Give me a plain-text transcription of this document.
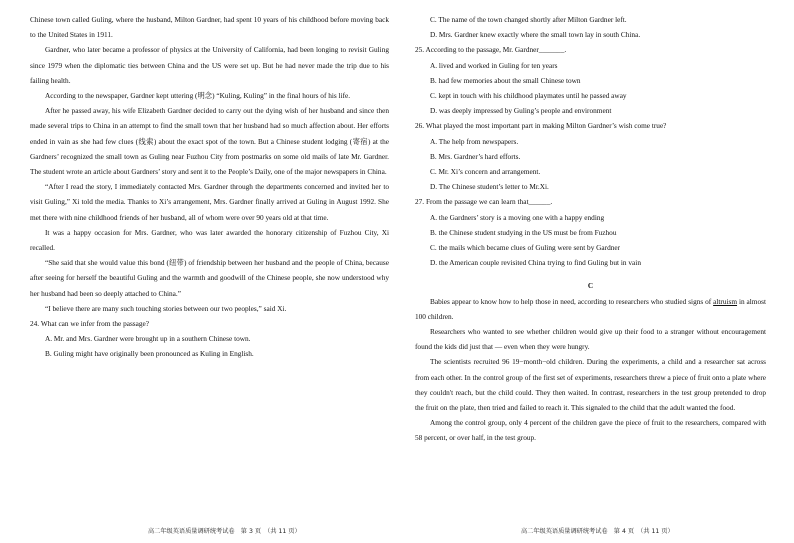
Chinese town called Guling, where the husband, Milton Gardner, had spent 10 years of his childhood before moving back to the United States in 1911.

Gardner, who later became a professor of physics at the University of California, had been longing to revisit Guling since 1979 when the diplomatic ties between China and the US were set up. But he had never made the trip due to his failing health.

According to the newspaper, Gardner kept uttering (明念) “Kuling, Kuling” in the final hours of his life.

After he passed away, his wife Elizabeth Gardner decided to carry out the dying wish of her husband and since then made several trips to China in an attempt to find the small town that her husband had so much affection about. Her efforts ended in vain as she had few clues (线索) about the exact spot of the town. But a Chinese student lodging (寄宿) at the Gardners’ recognized the small town as Guling near Fuzhou City from postmarks on some old mails of late Mr. Gardner. The student wrote an article about Gardners’ story and sent it to the People’s Daily, one of the major newspapers in China.

“After I read the story, I immediately contacted Mrs. Gardner through the departments concerned and invited her to visit Guling,” Xi told the media. Thanks to Xi’s arrangement, Mrs. Gardner finally arrived at Guling in August 1992. She met there with nine childhood friends of her husband, all of whom were over 90 years old at that time.

It was a happy occasion for Mrs. Gardner, who was later awarded the honorary citizenship of Fuzhou City, Xi recalled.

“She said that she would value this bond (纽带) of friendship between her husband and the people of China, because after seeing for herself the beautiful Guling and the warmth and goodwill of the Chinese people, she now understood why her husband had been so deeply attached to China.”

“I believe there are many such touching stories between our two peoples,” said Xi.

24. What can we infer from the passage?

A. Mr. and Mrs. Gardner were brought up in a southern Chinese town.

B. Guling might have originally been pronounced as Kuling in English.

高二年级英语质量调研统考试卷　第 3 页　（共 11 页）

C. The name of the town changed shortly after Milton Gardner left.

D. Mrs. Gardner knew exactly where the small town lay in south China.

25. According to the passage, Mr. Gardner_______.

A. lived and worked in Guling for ten years

B. had few memories about the small Chinese town

C. kept in touch with his childhood playmates until he passed away

D. was deeply impressed by Guling’s people and environment

26. What played the most important part in making Milton Gardner’s wish come true?

A. The help from newspapers.

B. Mrs. Gardner’s hard efforts.

C. Mr. Xi’s concern and arrangement.

D. The Chinese student’s letter to Mr.Xi.

27. From the passage we can learn that______.

A. the Gardners’ story is a moving one with a happy ending

B. the Chinese student studying in the US must be from Fuzhou

C. the mails which became clues of Guling were sent by Gardner

D. the American couple revisited China trying to find Guling but in vain

C

Babies appear to know how to help those in need, according to researchers who studied signs of altruism in almost 100 children.

Researchers who wanted to see whether children would give up their food to a stranger without encouragement found the kids did just that — even when they were hungry.

The scientists recruited 96 19−month−old children. During the experiments, a child and a researcher sat across from each other. In the control group of the first set of experiments, researchers threw a piece of fruit onto a plate where they couldn't reach, but the child could. They then waited. In contrast, researchers in the test group pretended to drop the fruit on the plate, then tried and failed to reach it. This signaled to the child that the adult wanted the food.

Among the control group, only 4 percent of the children gave the piece of fruit to the researchers, compared with 58 percent, or over half, in the test group.

高二年级英语质量调研统考试卷　第 4 页　（共 11 页）
